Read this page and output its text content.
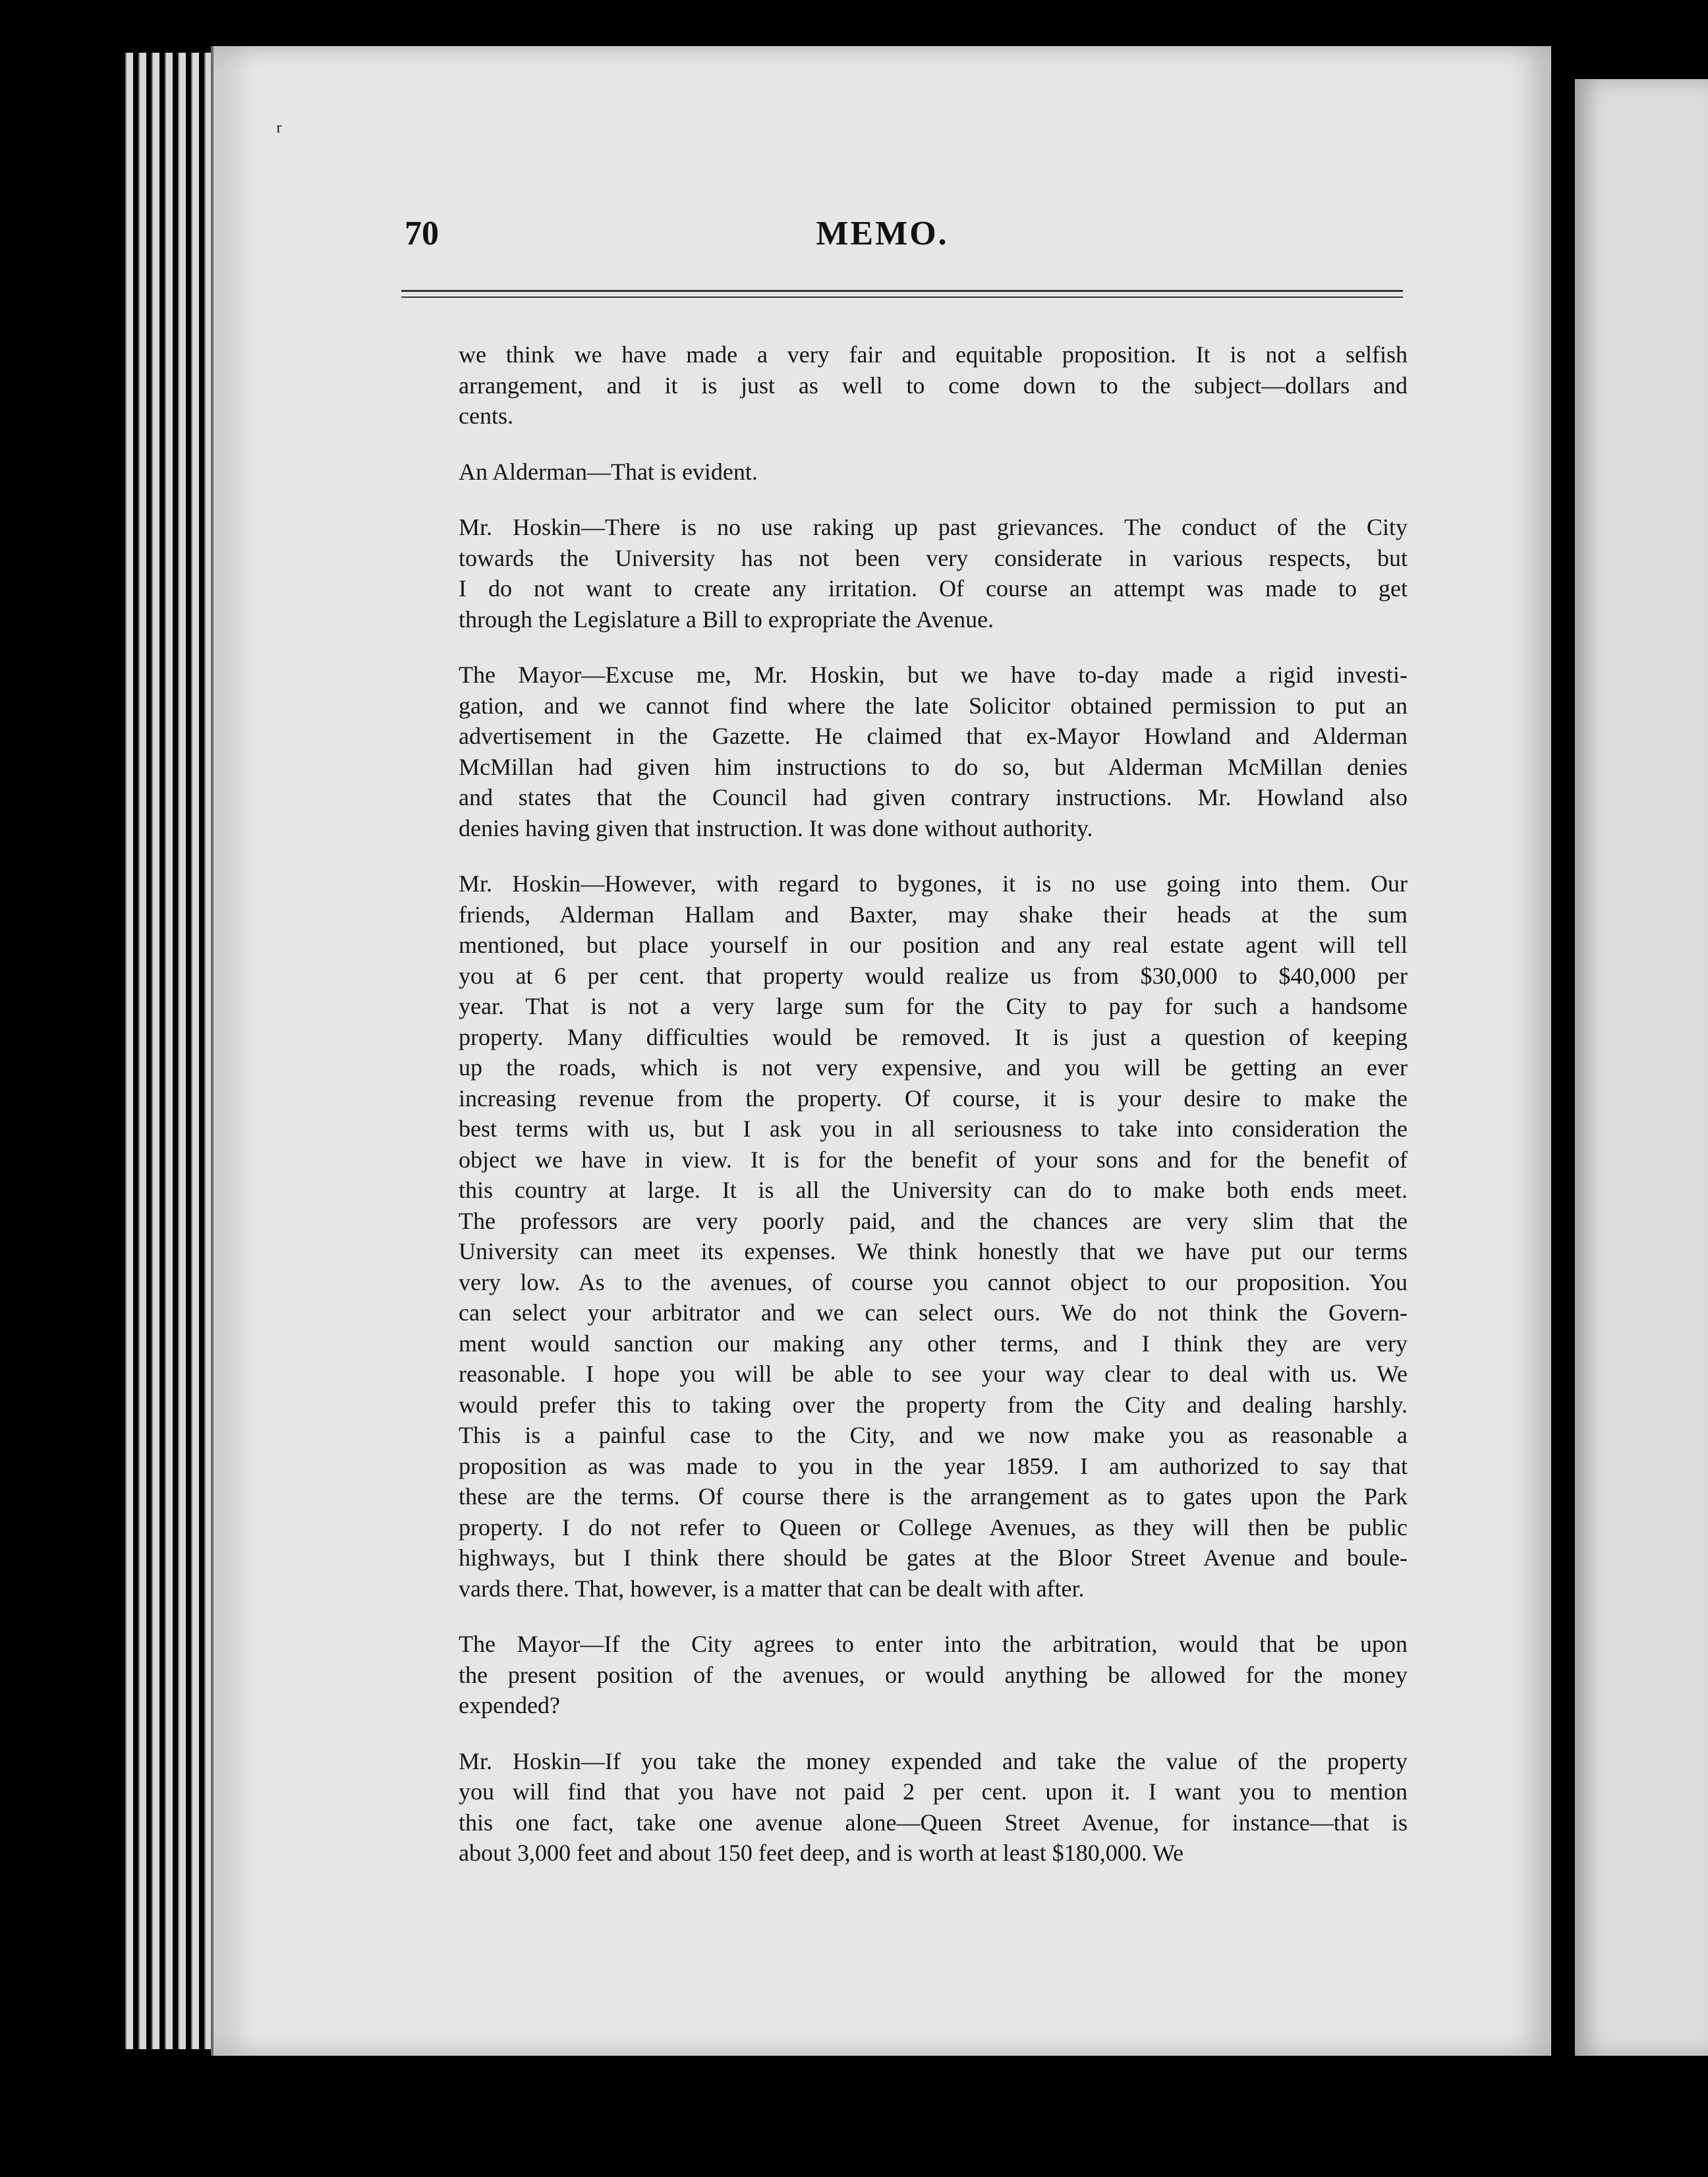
70	MEMO.
we think we have made a very fair and equitable proposition. It is not a selfish
arrangement, and it is just as well to come down to the subject—dollars and
cents.
An Alderman—That is evident.
Mr. Hoskin—There is no use raking up past grievances. The conduct of the City
towards the University has not been very considerate in various respects, but
I do not want to create any irritation. Of course an attempt was made to get
through the Legislature a Bill to expropriate the Avenue.
The Mayor—Excuse me, Mr. Hoskin, but we have to-day made a rigid investi-
gation, and we cannot find where the late Solicitor obtained permission to put an
advertisement in the Gazette. He claimed that ex-Mayor Howland and Alderman
McMillan had given him instructions to do so, but Alderman McMillan denies
and states that the Council had given contrary instructions. Mr. Howland also
denies having given that instruction. It was done without authority.
Mr. Hoskin—However, with regard to bygones, it is no use going into them. Our
friends, Alderman Hallam and Baxter, may shake their heads at the sum
mentioned, but place yourself in our position and any real estate agent will tell
you at 6 per cent. that property would realize us from $30,000 to $40,000 per
year. That is not a very large sum for the City to pay for such a handsome
property. Many difficulties would be removed. It is just a question of keeping
up the roads, which is not very expensive, and you will be getting an ever
increasing revenue from the property. Of course, it is your desire to make the
best terms with us, but I ask you in all seriousness to take into consideration the
object we have in view. It is for the benefit of your sons and for the benefit of
this country at large. It is all the University can do to make both ends meet.
The professors are very poorly paid, and the chances are very slim that the
University can meet its expenses. We think honestly that we have put our terms
very low. As to the avenues, of course you cannot object to our proposition. You
can select your arbitrator and we can select ours. We do not think the Govern-
ment would sanction our making any other terms, and I think they are very
reasonable. I hope you will be able to see your way clear to deal with us. We
would prefer this to taking over the property from the City and dealing harshly.
This is a painful case to the City, and we now make you as reasonable a
proposition as was made to you in the year 1859. I am authorized to say that
these are the terms. Of course there is the arrangement as to gates upon the Park
property. I do not refer to Queen or College Avenues, as they will then be public
highways, but I think there should be gates at the Bloor Street Avenue and boule-
vards there. That, however, is a matter that can be dealt with after.
The Mayor—If the City agrees to enter into the arbitration, would that be upon
the present position of the avenues, or would anything be allowed for the money
expended?
Mr. Hoskin—If you take the money expended and take the value of the property
you will find that you have not paid 2 per cent. upon it. I want you to mention
this one fact, take one avenue alone—Queen Street Avenue, for instance—that is
about 3,000 feet and about 150 feet deep, and is worth at least $180,000. We
ʳ
